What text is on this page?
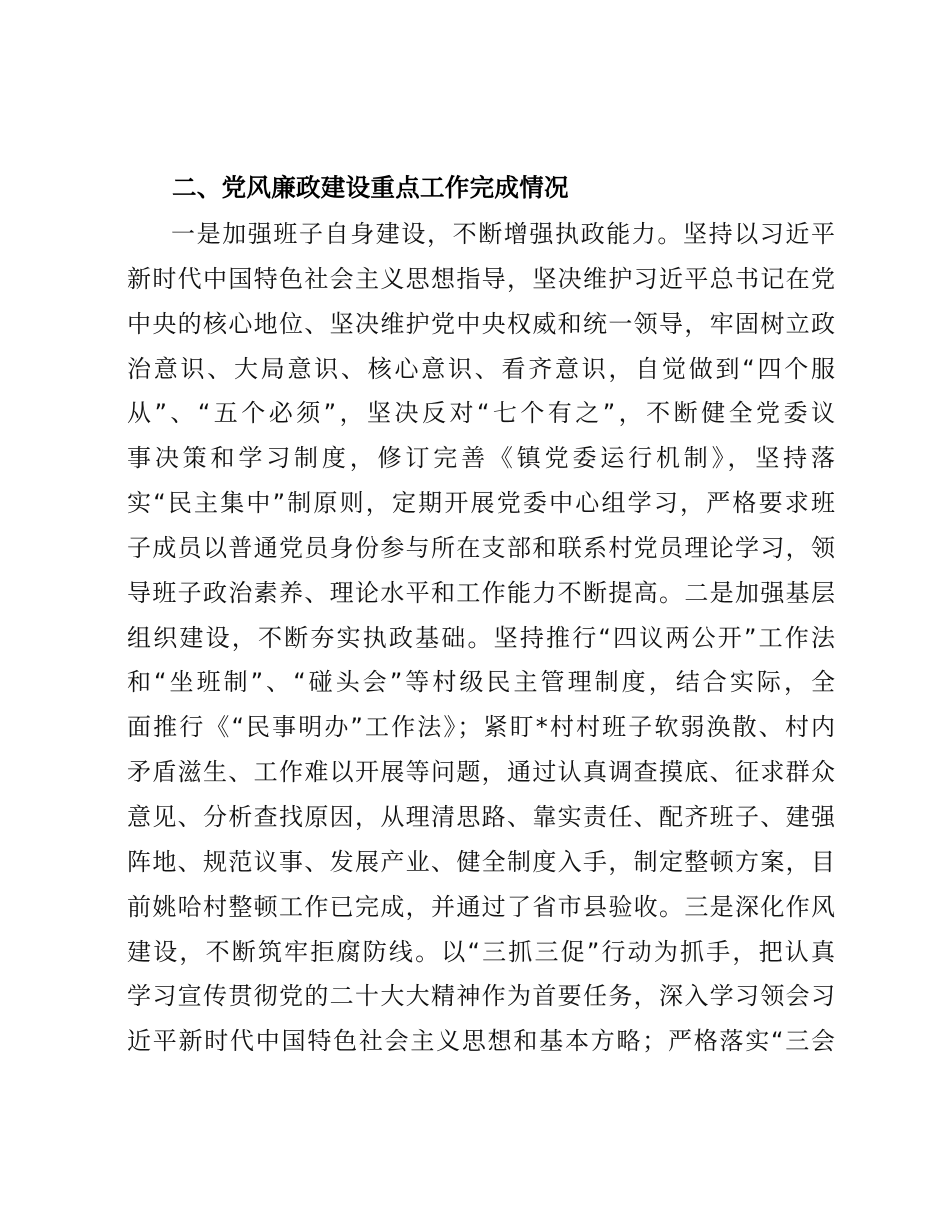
二、党风廉政建设重点工作完成情况
一是加强班子自身建设，不断增强执政能力。坚持以习近平
新时代中国特色社会主义思想指导，坚决维护习近平总书记在党
中央的核心地位、坚决维护党中央权威和统一领导，牢固树立政
治意识、大局意识、核心意识、看齐意识，自觉做到“四个服
从”、“五个必须”，坚决反对“七个有之”，不断健全党委议
事决策和学习制度，修订完善《镇党委运行机制》，坚持落
实“民主集中”制原则，定期开展党委中心组学习，严格要求班
子成员以普通党员身份参与所在支部和联系村党员理论学习，领
导班子政治素养、理论水平和工作能力不断提高。二是加强基层
组织建设，不断夯实执政基础。坚持推行“四议两公开”工作法
和“坐班制”、“碰头会”等村级民主管理制度，结合实际，全
面推行《“民事明办”工作法》；紧盯*村村班子软弱涣散、村内
矛盾滋生、工作难以开展等问题，通过认真调查摸底、征求群众
意见、分析查找原因，从理清思路、靠实责任、配齐班子、建强
阵地、规范议事、发展产业、健全制度入手，制定整顿方案，目
前姚哈村整顿工作已完成，并通过了省市县验收。三是深化作风
建设，不断筑牢拒腐防线。以“三抓三促”行动为抓手，把认真
学习宣传贯彻党的二十大大精神作为首要任务，深入学习领会习
近平新时代中国特色社会主义思想和基本方略；严格落实“三会
